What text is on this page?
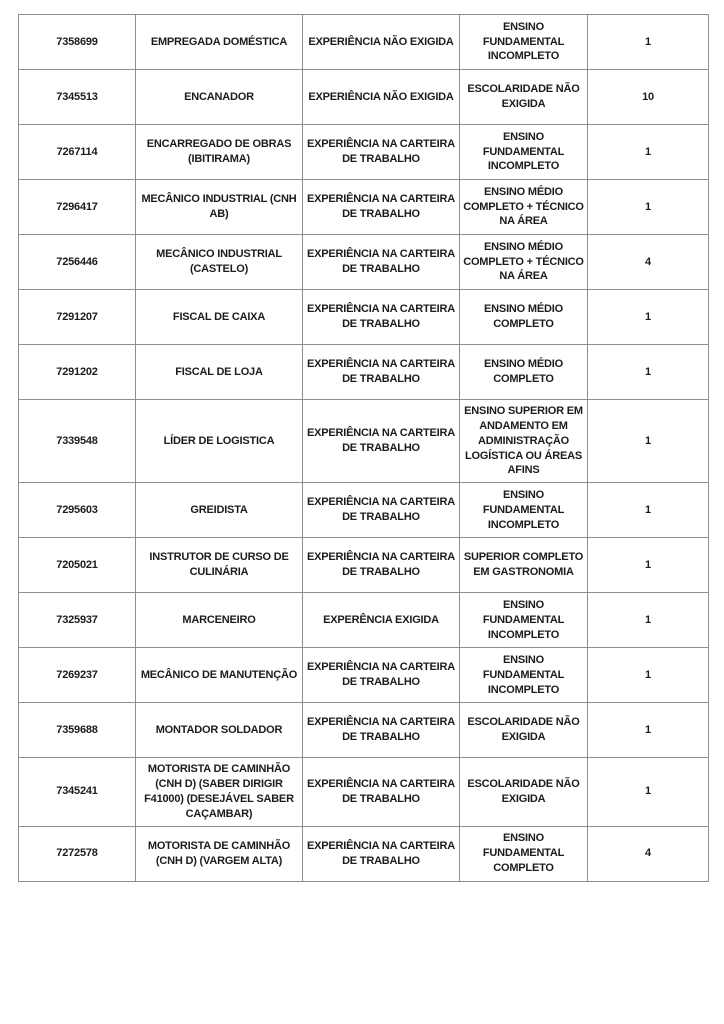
7358699	EMPREGADA DOMÉSTICA	EXPERIÊNCIA NÃO EXIGIDA	ENSINO FUNDAMENTAL INCOMPLETO	1
7345513	ENCANADOR	EXPERIÊNCIA NÃO EXIGIDA	ESCOLARIDADE NÃO EXIGIDA	10
7267114	ENCARREGADO DE OBRAS (IBITIRAMA)	EXPERIÊNCIA NA CARTEIRA DE TRABALHO	ENSINO FUNDAMENTAL INCOMPLETO	1
7296417	MECÂNICO INDUSTRIAL (CNH AB)	EXPERIÊNCIA NA CARTEIRA DE TRABALHO	ENSINO MÉDIO COMPLETO + TÉCNICO NA ÁREA	1
7256446	MECÂNICO INDUSTRIAL (CASTELO)	EXPERIÊNCIA NA CARTEIRA DE TRABALHO	ENSINO MÉDIO COMPLETO + TÉCNICO NA ÁREA	4
7291207	FISCAL DE CAIXA	EXPERIÊNCIA NA CARTEIRA DE TRABALHO	ENSINO MÉDIO COMPLETO	1
7291202	FISCAL DE LOJA	EXPERIÊNCIA NA CARTEIRA DE TRABALHO	ENSINO MÉDIO COMPLETO	1
7339548	LÍDER DE LOGISTICA	EXPERIÊNCIA NA CARTEIRA DE TRABALHO	ENSINO SUPERIOR EM ANDAMENTO EM ADMINISTRAÇÃO LOGÍSTICA OU ÁREAS AFINS	1
7295603	GREIDISTA	EXPERIÊNCIA NA CARTEIRA DE TRABALHO	ENSINO FUNDAMENTAL INCOMPLETO	1
7205021	INSTRUTOR DE CURSO DE CULINÁRIA	EXPERIÊNCIA NA CARTEIRA DE TRABALHO	SUPERIOR COMPLETO EM GASTRONOMIA	1
7325937	MARCENEIRO	EXPERÊNCIA EXIGIDA	ENSINO FUNDAMENTAL INCOMPLETO	1
7269237	MECÂNICO DE MANUTENÇÃO	EXPERIÊNCIA NA CARTEIRA DE TRABALHO	ENSINO FUNDAMENTAL INCOMPLETO	1
7359688	MONTADOR SOLDADOR	EXPERIÊNCIA NA CARTEIRA DE TRABALHO	ESCOLARIDADE NÃO EXIGIDA	1
7345241	MOTORISTA DE CAMINHÃO (CNH D) (SABER DIRIGIR F41000) (DESEJÁVEL SABER CAÇAMBAR)	EXPERIÊNCIA NA CARTEIRA DE TRABALHO	ESCOLARIDADE NÃO EXIGIDA	1
7272578	MOTORISTA DE CAMINHÃO (CNH D) (VARGEM ALTA)	EXPERIÊNCIA NA CARTEIRA DE TRABALHO	ENSINO FUNDAMENTAL COMPLETO	4
